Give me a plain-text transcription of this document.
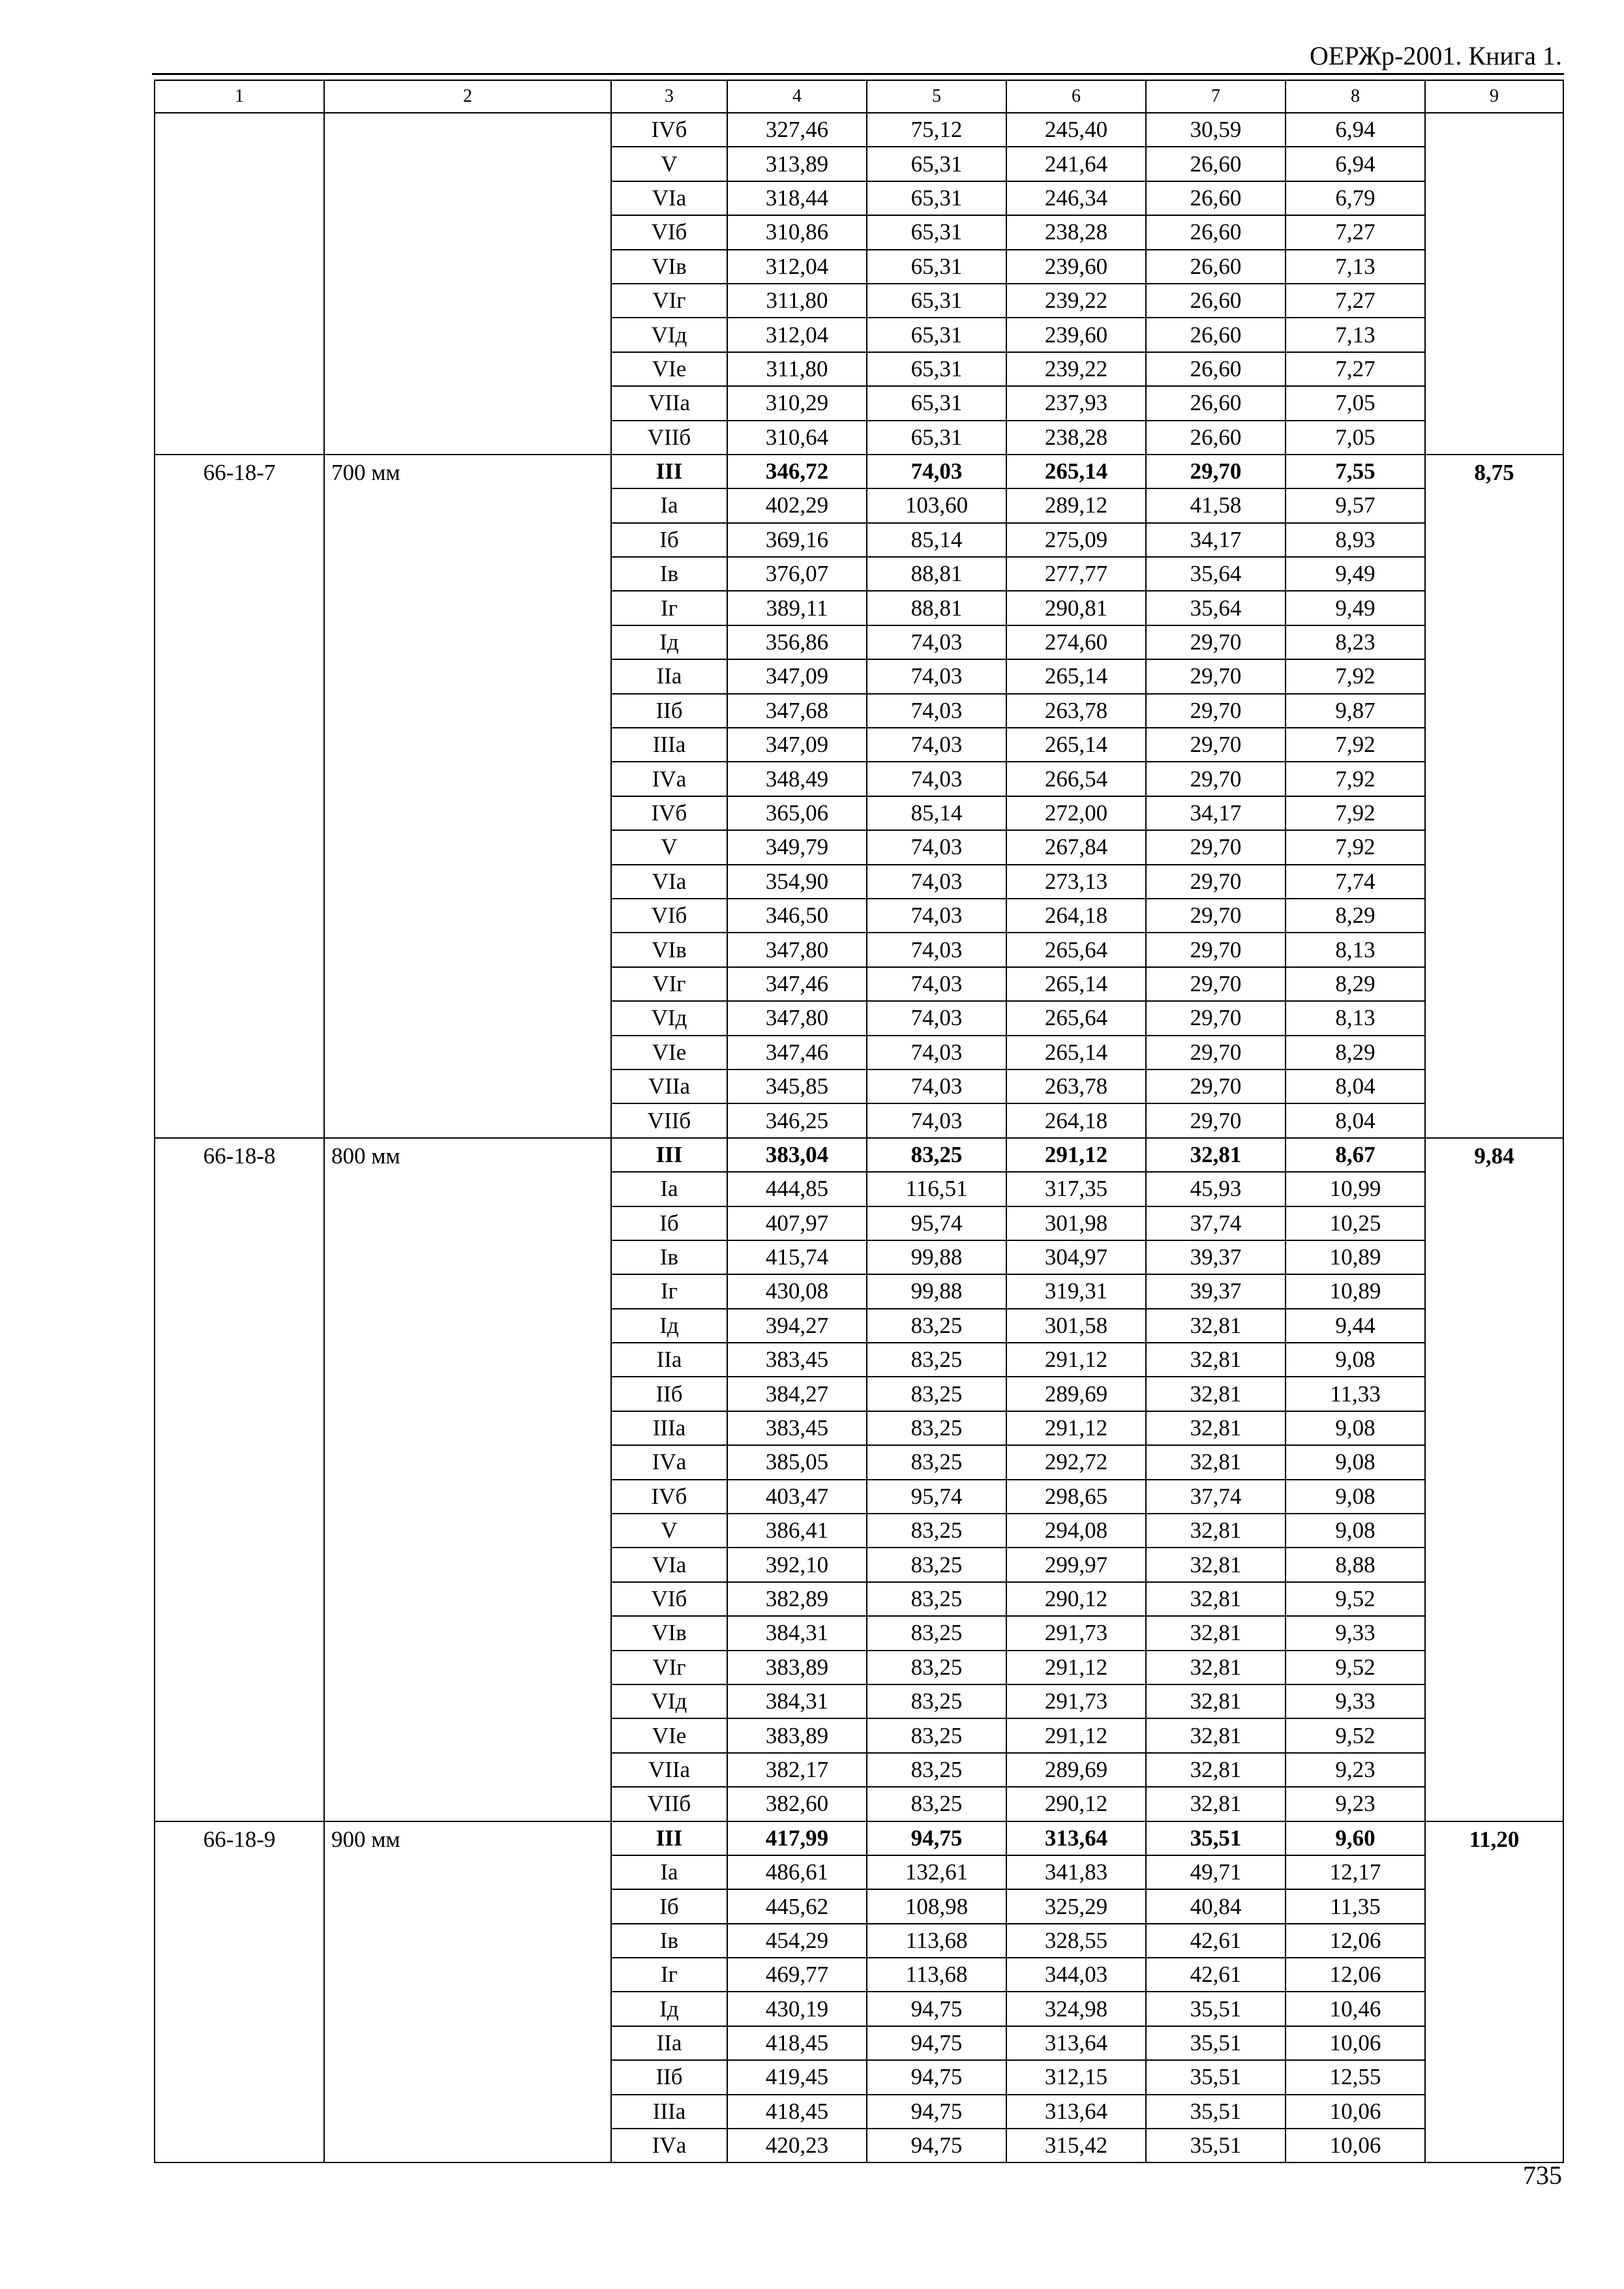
ОЕРЖр-2001. Книга 1.
1	2	3	4	5	6	7	8	9
		IVб	327,46	75,12	245,40	30,59	6,94	
		V	313,89	65,31	241,64	26,60	6,94	
		VIа	318,44	65,31	246,34	26,60	6,79	
		VIб	310,86	65,31	238,28	26,60	7,27	
		VIв	312,04	65,31	239,60	26,60	7,13	
		VIг	311,80	65,31	239,22	26,60	7,27	
		VIд	312,04	65,31	239,60	26,60	7,13	
		VIе	311,80	65,31	239,22	26,60	7,27	
		VIIа	310,29	65,31	237,93	26,60	7,05	
		VIIб	310,64	65,31	238,28	26,60	7,05	
66-18-7	700 мм	III	346,72	74,03	265,14	29,70	7,55	8,75
		Iа	402,29	103,60	289,12	41,58	9,57	
		Iб	369,16	85,14	275,09	34,17	8,93	
		Iв	376,07	88,81	277,77	35,64	9,49	
		Iг	389,11	88,81	290,81	35,64	9,49	
		Iд	356,86	74,03	274,60	29,70	8,23	
		IIа	347,09	74,03	265,14	29,70	7,92	
		IIб	347,68	74,03	263,78	29,70	9,87	
		IIIа	347,09	74,03	265,14	29,70	7,92	
		IVа	348,49	74,03	266,54	29,70	7,92	
		IVб	365,06	85,14	272,00	34,17	7,92	
		V	349,79	74,03	267,84	29,70	7,92	
		VIа	354,90	74,03	273,13	29,70	7,74	
		VIб	346,50	74,03	264,18	29,70	8,29	
		VIв	347,80	74,03	265,64	29,70	8,13	
		VIг	347,46	74,03	265,14	29,70	8,29	
		VIд	347,80	74,03	265,64	29,70	8,13	
		VIе	347,46	74,03	265,14	29,70	8,29	
		VIIа	345,85	74,03	263,78	29,70	8,04	
		VIIб	346,25	74,03	264,18	29,70	8,04	
66-18-8	800 мм	III	383,04	83,25	291,12	32,81	8,67	9,84
		Iа	444,85	116,51	317,35	45,93	10,99	
		Iб	407,97	95,74	301,98	37,74	10,25	
		Iв	415,74	99,88	304,97	39,37	10,89	
		Iг	430,08	99,88	319,31	39,37	10,89	
		Iд	394,27	83,25	301,58	32,81	9,44	
		IIа	383,45	83,25	291,12	32,81	9,08	
		IIб	384,27	83,25	289,69	32,81	11,33	
		IIIа	383,45	83,25	291,12	32,81	9,08	
		IVа	385,05	83,25	292,72	32,81	9,08	
		IVб	403,47	95,74	298,65	37,74	9,08	
		V	386,41	83,25	294,08	32,81	9,08	
		VIа	392,10	83,25	299,97	32,81	8,88	
		VIб	382,89	83,25	290,12	32,81	9,52	
		VIв	384,31	83,25	291,73	32,81	9,33	
		VIг	383,89	83,25	291,12	32,81	9,52	
		VIд	384,31	83,25	291,73	32,81	9,33	
		VIе	383,89	83,25	291,12	32,81	9,52	
		VIIа	382,17	83,25	289,69	32,81	9,23	
		VIIб	382,60	83,25	290,12	32,81	9,23	
66-18-9	900 мм	III	417,99	94,75	313,64	35,51	9,60	11,20
		Iа	486,61	132,61	341,83	49,71	12,17	
		Iб	445,62	108,98	325,29	40,84	11,35	
		Iв	454,29	113,68	328,55	42,61	12,06	
		Iг	469,77	113,68	344,03	42,61	12,06	
		Iд	430,19	94,75	324,98	35,51	10,46	
		IIа	418,45	94,75	313,64	35,51	10,06	
		IIб	419,45	94,75	312,15	35,51	12,55	
		IIIа	418,45	94,75	313,64	35,51	10,06	
		IVа	420,23	94,75	315,42	35,51	10,06	
735
